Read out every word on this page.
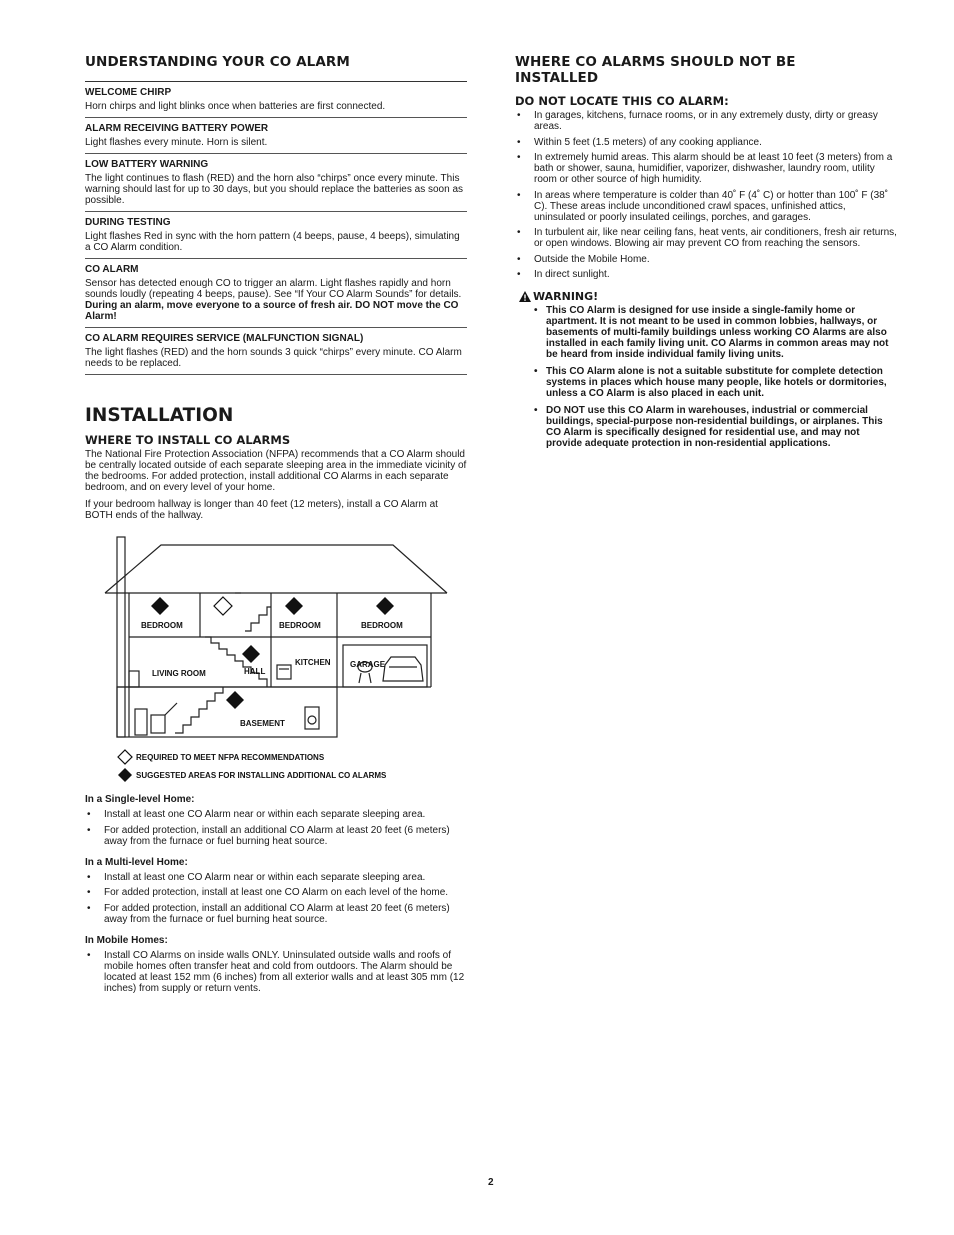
UNDERSTANDING YOUR CO ALARM
WELCOME CHIRP
Horn chirps and light blinks once when batteries are first connected.
ALARM RECEIVING BATTERY POWER
Light flashes every minute. Horn is silent.
LOW BATTERY WARNING
The light continues to flash (RED) and the horn also “chirps” once every minute. This warning should last for up to 30 days, but you should replace the batteries as soon as possible.
DURING TESTING
Light flashes Red in sync with the horn pattern (4 beeps, pause, 4 beeps), simulating a CO Alarm condition.
CO ALARM
Sensor has detected enough CO to trigger an alarm. Light flashes rapidly and horn sounds loudly (repeating 4 beeps, pause). See “If Your CO Alarm Sounds” for details. During an alarm, move everyone to a source of fresh air. DO NOT move the CO Alarm!
CO ALARM REQUIRES SERVICE (MALFUNCTION SIGNAL)
The light flashes (RED) and the horn sounds 3 quick “chirps” every minute. CO Alarm needs to be replaced.
INSTALLATION
WHERE TO INSTALL CO ALARMS

The National Fire Protection Association (NFPA) recommends that a CO Alarm should be centrally located outside of each separate sleeping area in the immediate vicinity of the bedrooms. For added protection, install additional CO Alarms in each separate bedroom, and on every level of your home.

If your bedroom hallway is longer than 40 feet (12 meters), install a CO Alarm at BOTH ends of the hallway.

BEDROOM	BEDROOM	BEDROOM
LIVING ROOM	HALL
KITCHEN GARAGE
BASEMENT
REQUIRED TO MEET NFPA RECOMMENDATIONS
SUGGESTED AREAS FOR INSTALLING ADDITIONAL CO ALARMS

In a Single-level Home:

• Install at least one CO Alarm near or within each separate sleeping area.
• For added protection, install an additional CO Alarm at least 20 feet (6 meters) away from the furnace or fuel burning heat source.

In a Multi-level Home:

• Install at least one CO Alarm near or within each separate sleeping area.
• For added protection, install at least one CO Alarm on each level of the home.
• For added protection, install an additional CO Alarm at least 20 feet (6 meters) away from the furnace or fuel burning heat source.

In Mobile Homes:

• Install CO Alarms on inside walls ONLY. Uninsulated outside walls and roofs of mobile homes often transfer heat and cold from outdoors. The Alarm should be located at least 152 mm (6 inches) from all exterior walls and at least 305 mm (12 inches) from supply or return vents.
WHERE CO ALARMS SHOULD NOT BE INSTALLED
DO NOT LOCATE THIS CO ALARM:
• In garages, kitchens, furnace rooms, or in any extremely dusty, dirty or greasy areas.
• Within 5 feet (1.5 meters) of any cooking appliance.
• In extremely humid areas. This alarm should be at least 10 feet (3 meters) from a bath or shower, sauna, humidifier, vaporizer, dishwasher, laundry room, utility room or other source of high humidity.
• In areas where temperature is colder than 40˚ F (4˚ C) or hotter than 100˚ F (38˚ C). These areas include unconditioned crawl spaces, unfinished attics, uninsulated or poorly insulated ceilings, porches, and garages.
• In turbulent air, like near ceiling fans, heat vents, air conditioners, fresh air returns, or open windows. Blowing air may prevent CO from reaching the sensors.
• Outside the Mobile Home.
• In direct sunlight.
WARNING!
• This CO Alarm is designed for use inside a single-family home or apartment. It is not meant to be used in common lobbies, hallways, or basements of multi-family buildings unless working CO Alarms are also installed in each family living unit. CO Alarms in common areas may not be heard from inside individual family living units.
• This CO Alarm alone is not a suitable substitute for complete detection systems in places which house many people, like hotels or dormitories, unless a CO Alarm is also placed in each unit.
• DO NOT use this CO Alarm in warehouses, industrial or commercial buildings, special-purpose non-residential buildings, or airplanes. This CO Alarm is specifically designed for residential use, and may not provide adequate protection in non-residential applications.
2
